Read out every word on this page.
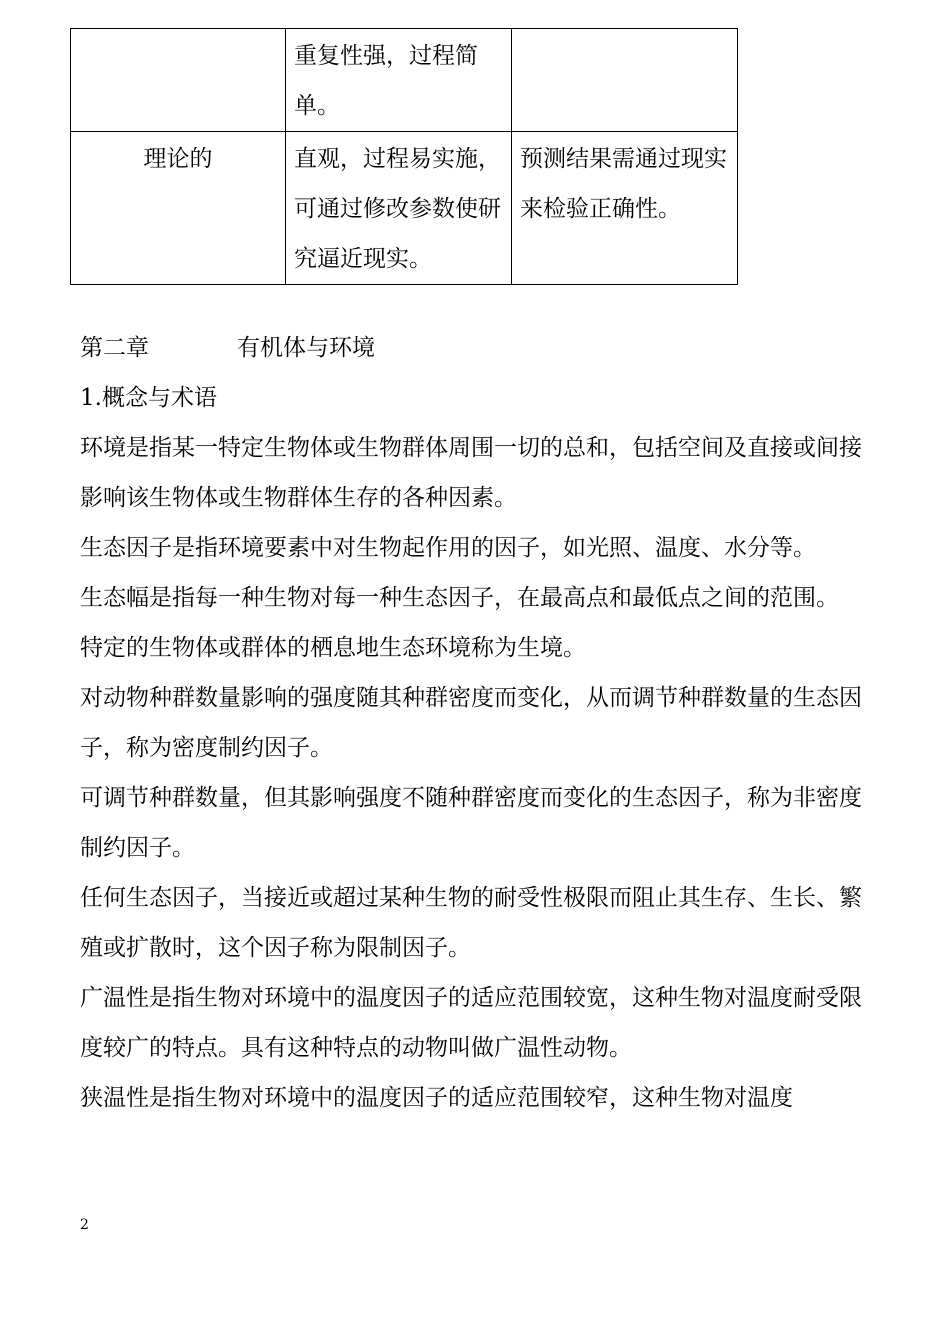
	重复性强，过程简单。	
理论的	直观，过程易实施，可通过修改参数使研究逼近现实。	预测结果需通过现实来检验正确性。

第二章	有机体与环境

1.概念与术语

环境是指某一特定生物体或生物群体周围一切的总和，包括空间及直接或间接影响该生物体或生物群体生存的各种因素。

生态因子是指环境要素中对生物起作用的因子，如光照、温度、水分等。

生态幅是指每一种生物对每一种生态因子，在最高点和最低点之间的范围。

特定的生物体或群体的栖息地生态环境称为生境。

对动物种群数量影响的强度随其种群密度而变化，从而调节种群数量的生态因子，称为密度制约因子。

可调节种群数量，但其影响强度不随种群密度而变化的生态因子，称为非密度制约因子。

任何生态因子，当接近或超过某种生物的耐受性极限而阻止其生存、生长、繁殖或扩散时，这个因子称为限制因子。

广温性是指生物对环境中的温度因子的适应范围较宽，这种生物对温度耐受限度较广的特点。具有这种特点的动物叫做广温性动物。

狭温性是指生物对环境中的温度因子的适应范围较窄，这种生物对温度

2
